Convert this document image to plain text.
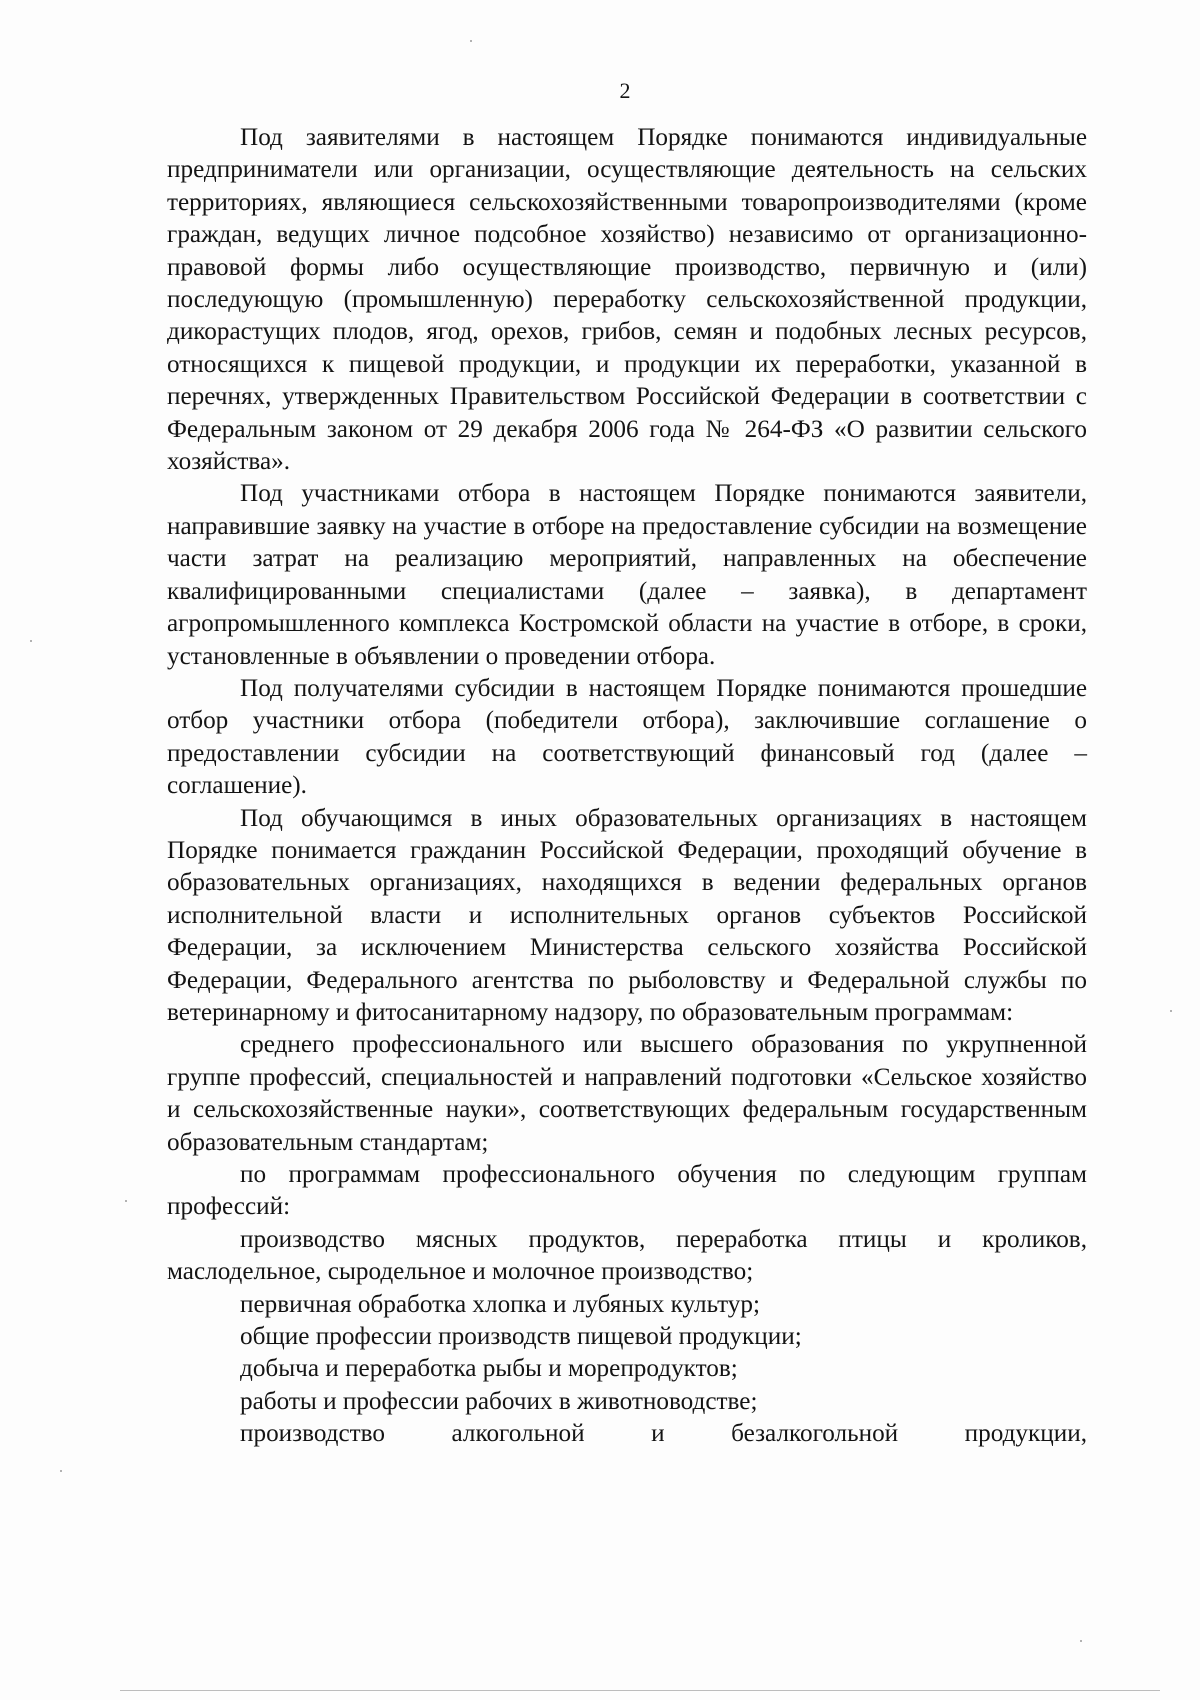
2

Под заявителями в настоящем Порядке понимаются индивидуальные предприниматели или организации, осуществляющие деятельность на сельских территориях, являющиеся сельскохозяйственными товаропроизводителями (кроме граждан, ведущих личное подсобное хозяйство) независимо от организационно-правовой формы либо осуществляющие производство, первичную и (или) последующую (промышленную) переработку сельскохозяйственной продукции, дикорастущих плодов, ягод, орехов, грибов, семян и подобных лесных ресурсов, относящихся к пищевой продукции, и продукции их переработки, указанной в перечнях, утвержденных Правительством Российской Федерации в соответствии с Федеральным законом от 29 декабря 2006 года № 264-ФЗ «О развитии сельского хозяйства».

Под участниками отбора в настоящем Порядке понимаются заявители, направившие заявку на участие в отборе на предоставление субсидии на возмещение части затрат на реализацию мероприятий, направленных на обеспечение квалифицированными специалистами (далее – заявка), в департамент агропромышленного комплекса Костромской области на участие в отборе, в сроки, установленные в объявлении о проведении отбора.

Под получателями субсидии в настоящем Порядке понимаются прошедшие отбор участники отбора (победители отбора), заключившие соглашение о предоставлении субсидии на соответствующий финансовый год (далее – соглашение).

Под обучающимся в иных образовательных организациях в настоящем Порядке понимается гражданин Российской Федерации, проходящий обучение в образовательных организациях, находящихся в ведении федеральных органов исполнительной власти и исполнительных органов субъектов Российской Федерации, за исключением Министерства сельского хозяйства Российской Федерации, Федерального агентства по рыболовству и Федеральной службы по ветеринарному и фитосанитарному надзору, по образовательным программам:

среднего профессионального или высшего образования по укрупненной группе профессий, специальностей и направлений подготовки «Сельское хозяйство и сельскохозяйственные науки», соответствующих федеральным государственным образовательным стандартам;

по программам профессионального обучения по следующим группам профессий:

производство мясных продуктов, переработка птицы и кроликов, маслодельное, сыродельное и молочное производство;

первичная обработка хлопка и лубяных культур;

общие профессии производств пищевой продукции;

добыча и переработка рыбы и морепродуктов;

работы и профессии рабочих в животноводстве;

производство алкогольной и безалкогольной продукции,
